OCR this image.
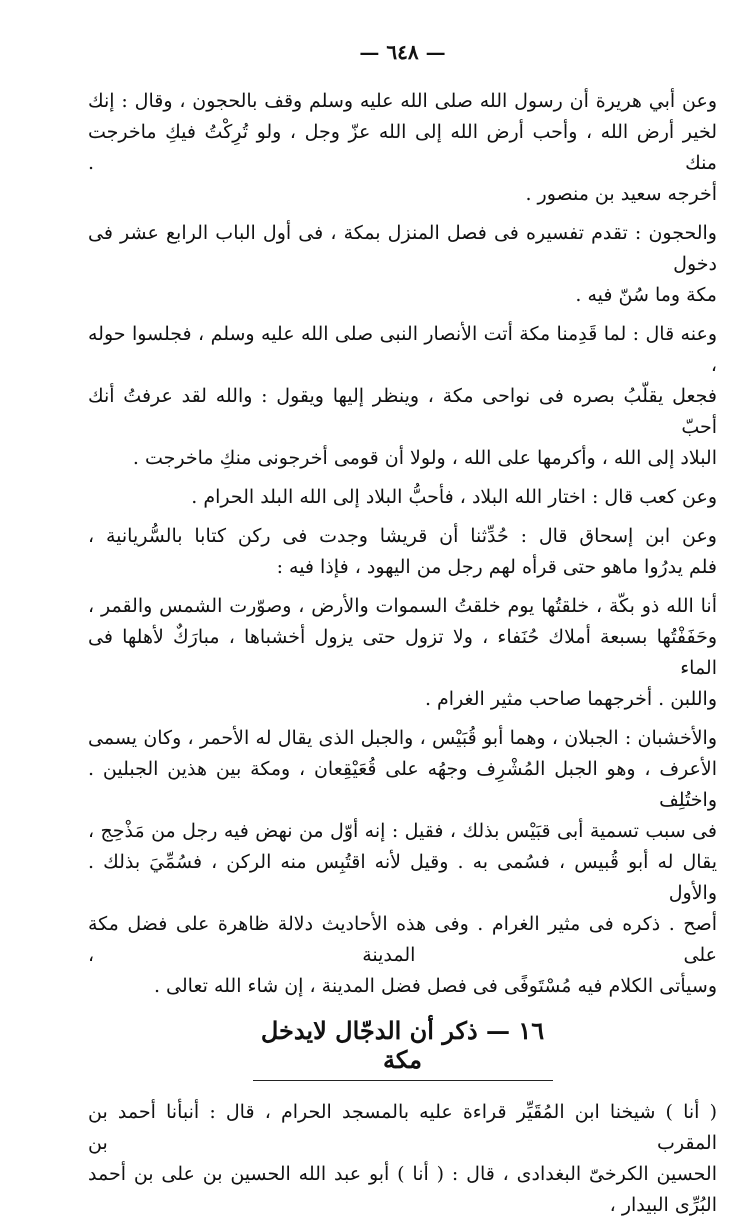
— ٦٤٨ —
وعن أبي هريرة أن رسول الله صلى الله عليه وسلم وقف بالحجون ، وقال : إنك
لخير أرض الله ، وأحب أرض الله إلى الله عزّ وجل ، ولو تُرِكْتُ فيكِ ماخرجت منك .
أخرجه سعيد بن منصور .
والحجون : تقدم تفسيره فى فصل المنزل بمكة ، فى أول الباب الرابع عشر فى دخول
مكة وما سُنّ فيه .
وعنه قال : لما قَدِمنا مكة أتت الأنصار النبى صلى الله عليه وسلم ، فجلسوا حوله ،
فجعل يقلّبُ بصره فى نواحى مكة ، وينظر إليها ويقول : والله لقد عرفتُ أنك أحبّ
البلاد إلى الله ، وأكرمها على الله ، ولولا أن قومى أخرجونى منكِ ماخرجت .
وعن كعب قال : اختار الله البلاد ، فأحبُّ البلاد إلى الله البلد الحرام .
وعن ابن إسحاق قال : حُدِّثنا أن قريشا وجدت فى ركن كتابا بالسُّريانية ،
فلم يدرُوا ماهو حتى قرأه لهم رجل من اليهود ، فإذا فيه :
أنا الله ذو بكّة ، خلقتُها يوم خلقتُ السموات والأرض ، وصوّرت الشمس والقمر ،
وحَفَفْتُها بسبعة أملاك حُنَفاء ، ولا تزول حتى يزول أخشباها ، مبارَكٌ لأهلها فى الماء
واللبن . أخرجهما صاحب مثير الغرام .
والأخشبان : الجبلان ، وهما أبو قُبَيْس ، والجبل الذى يقال له الأحمر ، وكان يسمى
الأعرف ، وهو الجبل المُشْرِف وجهُه على قُعَيْقِعان ، ومكة بين هذين الجبلين . واختُلِف
فى سبب تسمية أبى قبَيْس بذلك ، فقيل : إنه أوّل من نهض فيه رجل من مَذْحِج ،
يقال له أبو قُبيس ، فسُمى به . وقيل لأنه اقتُبِس منه الركن ، فسُمِّيَ بذلك . والأول
أصح . ذكره فى مثير الغرام . وفى هذه الأحاديث دلالة ظاهرة على فضل مكة على المدينة ،
وسيأتى الكلام فيه مُسْتَوفًى فى فصل فضل المدينة ، إن شاء الله تعالى .
١٦ — ذكر أن الدجّال لايدخل مكة
( أنا ) شيخنا ابن المُقَيِّر قراءة عليه بالمسجد الحرام ، قال : أنبأنا أحمد بن المقرب بن
الحسين الكرخىّ البغدادى ، قال : ( أنا ) أبو عبد الله الحسين بن على بن أحمد البُرِّى البيدار ،
